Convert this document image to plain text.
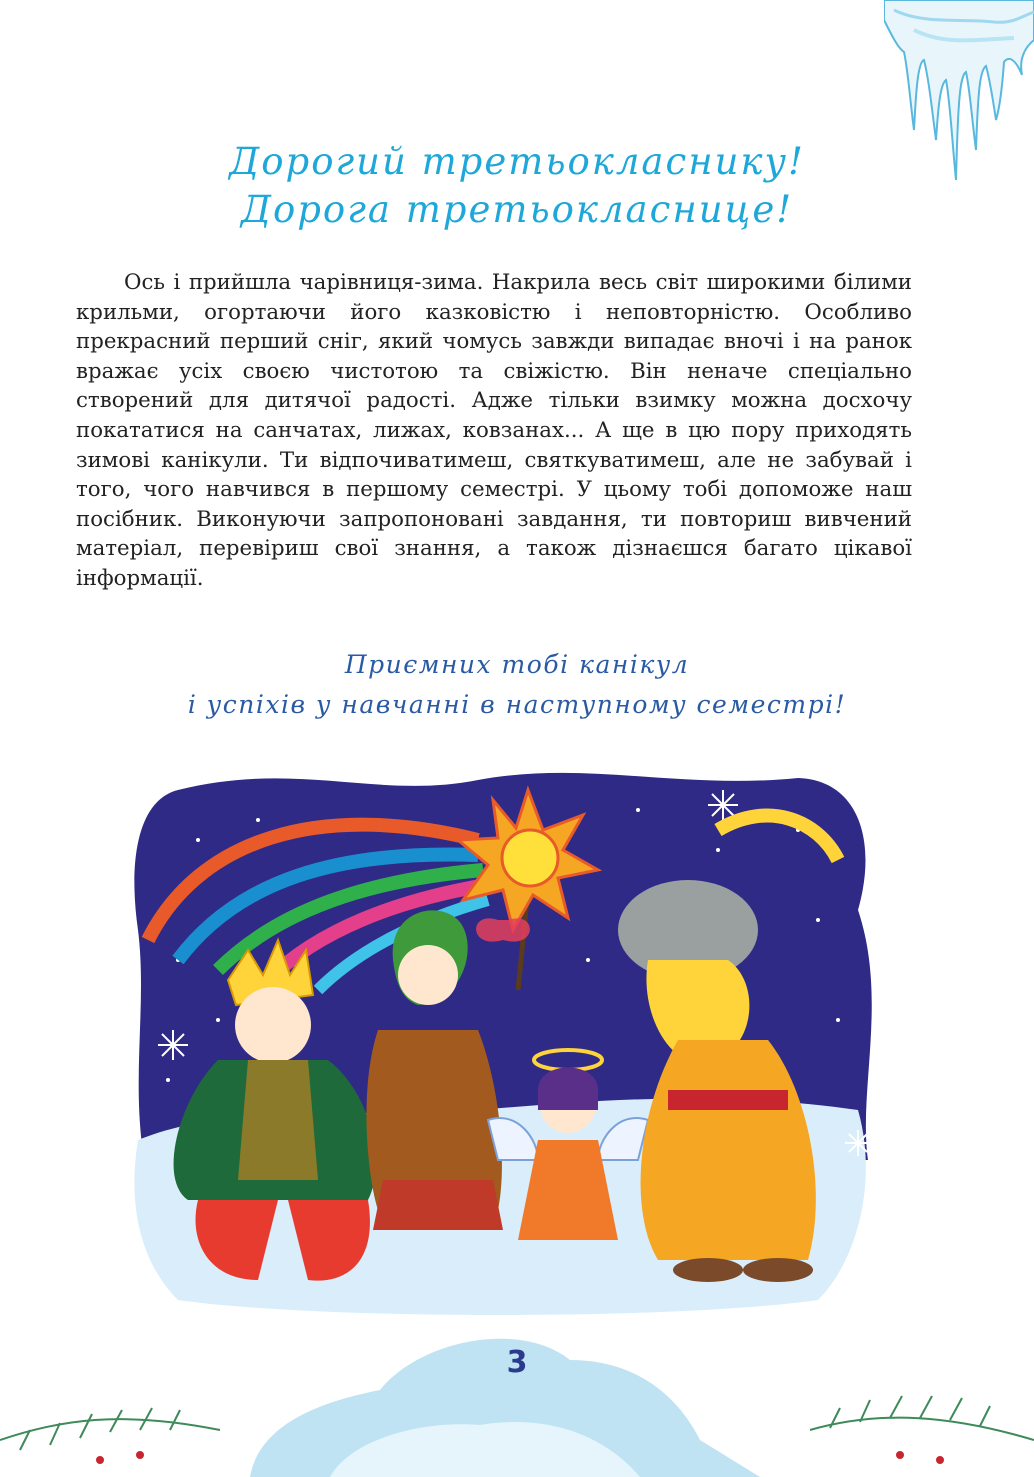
Дорогий третьокласнику!
Дорога третьокласнице!

Ось і прийшла чарівниця-зима. Накрила весь світ широкими білими крильми, огортаючи його казковістю і неповторністю. Особливо прекрасний перший сніг, який чомусь завжди випадає вночі і на ранок вражає усіх своєю чистотою та свіжістю. Він неначе спеціально створений для дитячої радості. Адже тільки взимку можна досхочу покататися на санчатах, лижах, ковзанах... А ще в цю пору приходять зимові канікули. Ти відпочиватимеш, святкуватимеш, але не забувай і того, чого навчився в першому семестрі. У цьому тобі допоможе наш посібник. Виконуючи запропоновані завдання, ти повториш вивчений матеріал, перевіриш свої знання, а також дізнаєшся багато цікавої інформації.

Приємних тобі канікул
і успіхів у навчанні в наступному семестрі!
3
